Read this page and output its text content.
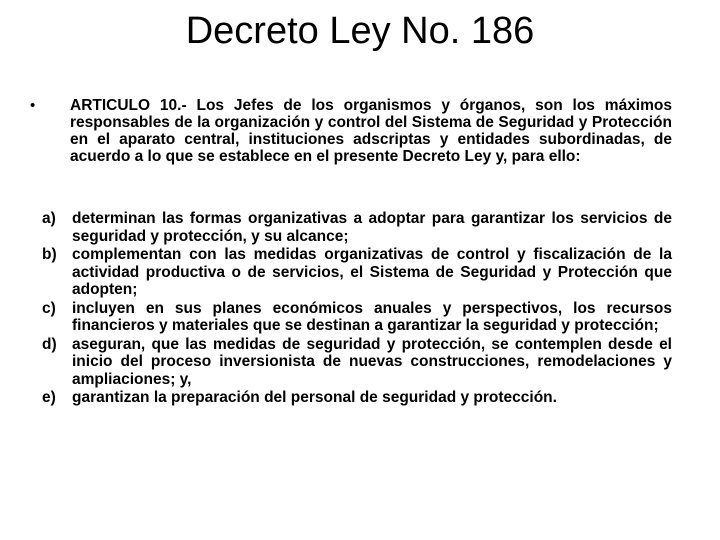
Decreto Ley No. 186
• ARTICULO 10.- Los Jefes de los organismos y órganos, son los máximos responsables de la organización y control del Sistema de Seguridad y Protección en el aparato central, instituciones adscriptas y entidades subordinadas, de acuerdo a lo que se establece en el presente Decreto Ley y, para ello:

a) determinan las formas organizativas a adoptar para garantizar los servicios de seguridad y protección, y su alcance;
b) complementan con las medidas organizativas de control y fiscalización de la actividad productiva o de servicios, el Sistema de Seguridad y Protección que adopten;
c) incluyen en sus planes económicos anuales y perspectivos, los recursos financieros y materiales que se destinan a garantizar la seguridad y protección;
d) aseguran, que las medidas de seguridad y protección, se contemplen desde el inicio del proceso inversionista de nuevas construcciones, remodelaciones y ampliaciones; y,
e) garantizan la preparación del personal de seguridad y protección.
